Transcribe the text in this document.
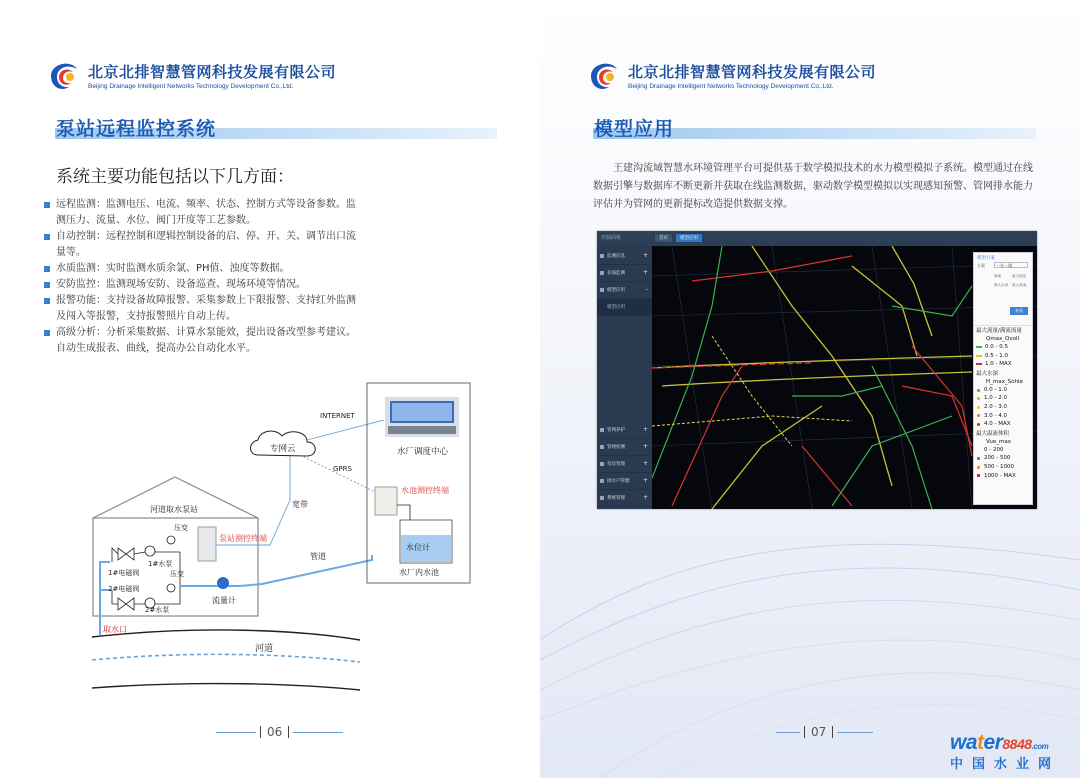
北京北排智慧管网科技发展有限公司
Beijing Drainage Intelligent Networks Technology Development Co.,Ltd.
泵站远程监控系统
系统主要功能包括以下几方面：
远程监测：监测电压、电流、频率、状态、控制方式等设备参数。监测压力、流量、水位、阀门开度等工艺参数。
自动控制：远程控制和逻辑控制设备的启、停、开、关、调节出口流量等。
水质监测：实时监测水质余氯、PH值、浊度等数据。
安防监控：监测现场安防、设备巡查、现场环境等情况。
报警功能：支持设备故障报警、采集参数上下限报警、支持红外监测及闯入等报警，支持报警照片自动上传。
高级分析：分析采集数据、计算水泵能效，提出设备改型参考建议。自动生成报表、曲线，提高办公自动化水平。
河道
河道取水泵站
取水口
1#电磁阀
2#电磁阀
1#水泵
2#水泵
压变
压变
管道
泵站测控终端
流量计
宽带
专网云
INTERNET
GPRS
水厂调度中心
水池测控终端
水位计
水厂内水池
06
北京北排智慧管网科技发展有限公司
Beijing Drainage Intelligent Networks Technology Development Co.,Ltd.
模型应用
王建沟流域智慧水环境管理平台可提供基于数学模拟技术的水力模型模拟子系统。模型通过在线数据引擎与数据库不断更新并获取在线监测数据，驱动数学模型模拟以实现感知预警、管网排水能力评估并为管网的更新提标改造提供数据支撑。
控制面板	首页	模型应用
监测信息	+
在线监测	+
模型应用	-
模型应用
管网养护	+
管网检测	+
泵房管理	+
排水户管理 +
系统管理	+
模型方案
方案	一年一遇
满流	最大流量
最大水深 最大流速
查看
最大流量/满流流量
Qmax_Qvoll
0.0 - 0.5
0.5 - 1.0
1.0 - MAX
最大水深
H_max_Sohle
0.0 - 1.0
1.0 - 2.0
2.0 - 3.0
3.0 - 4.0
4.0 - MAX
最大温流体积
Vue_max
0 - 200
200 - 500
500 - 1000
1000 - MAX
07	water8848.com
中国水业网
